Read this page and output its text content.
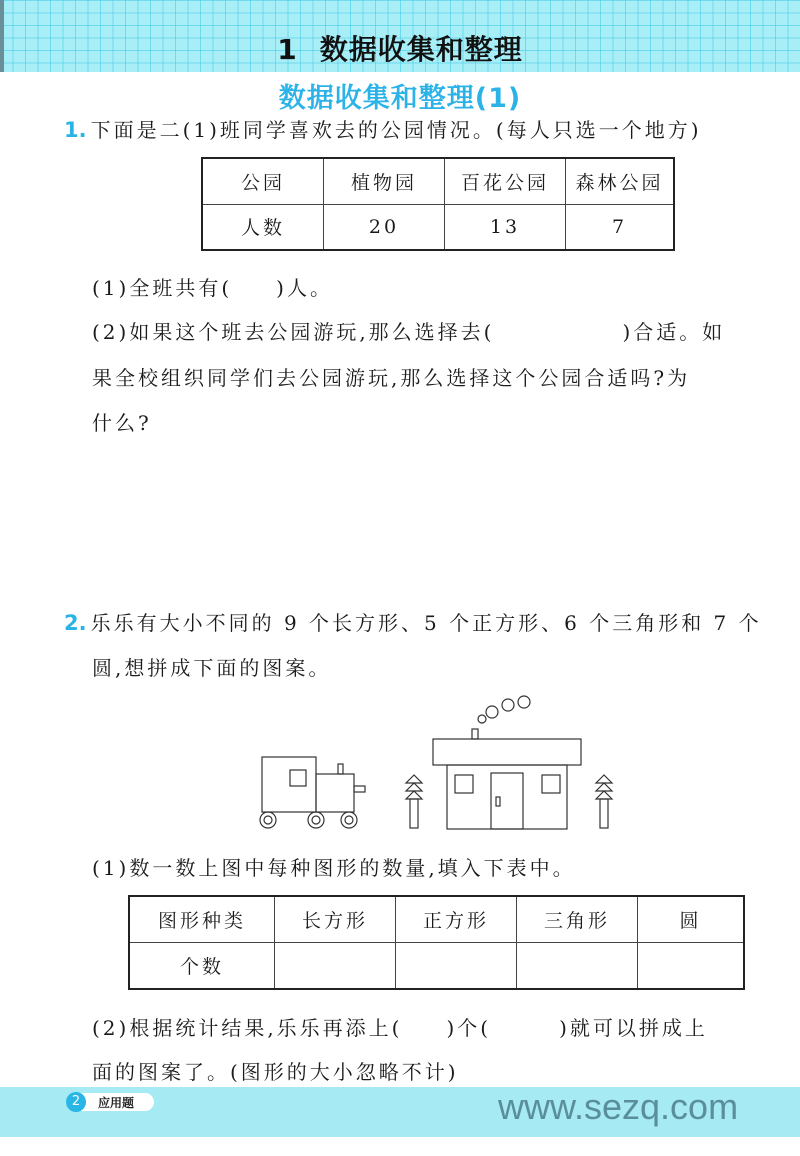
1 数据收集和整理
数据收集和整理(1)
1. 下面是二(1)班同学喜欢去的公园情况。(每人只选一个地方)
公园	植物园	百花公园	森林公园
人数	20	13	7
(1)全班共有( )人。
(2)如果这个班去公园游玩,那么选择去(	)合适。如
果全校组织同学们去公园游玩,那么选择这个公园合适吗?为
什么?
2. 乐乐有大小不同的 9 个长方形、5 个正方形、6 个三角形和 7 个
圆,想拼成下面的图案。
(1)数一数上图中每种图形的数量,填入下表中。
图形种类	长方形	正方形	三角形	圆
个数				
(2)根据统计结果,乐乐再添上( )个(	)就可以拼成上
面的图案了。(图形的大小忽略不计)
2	应用题	www.sezq.com
